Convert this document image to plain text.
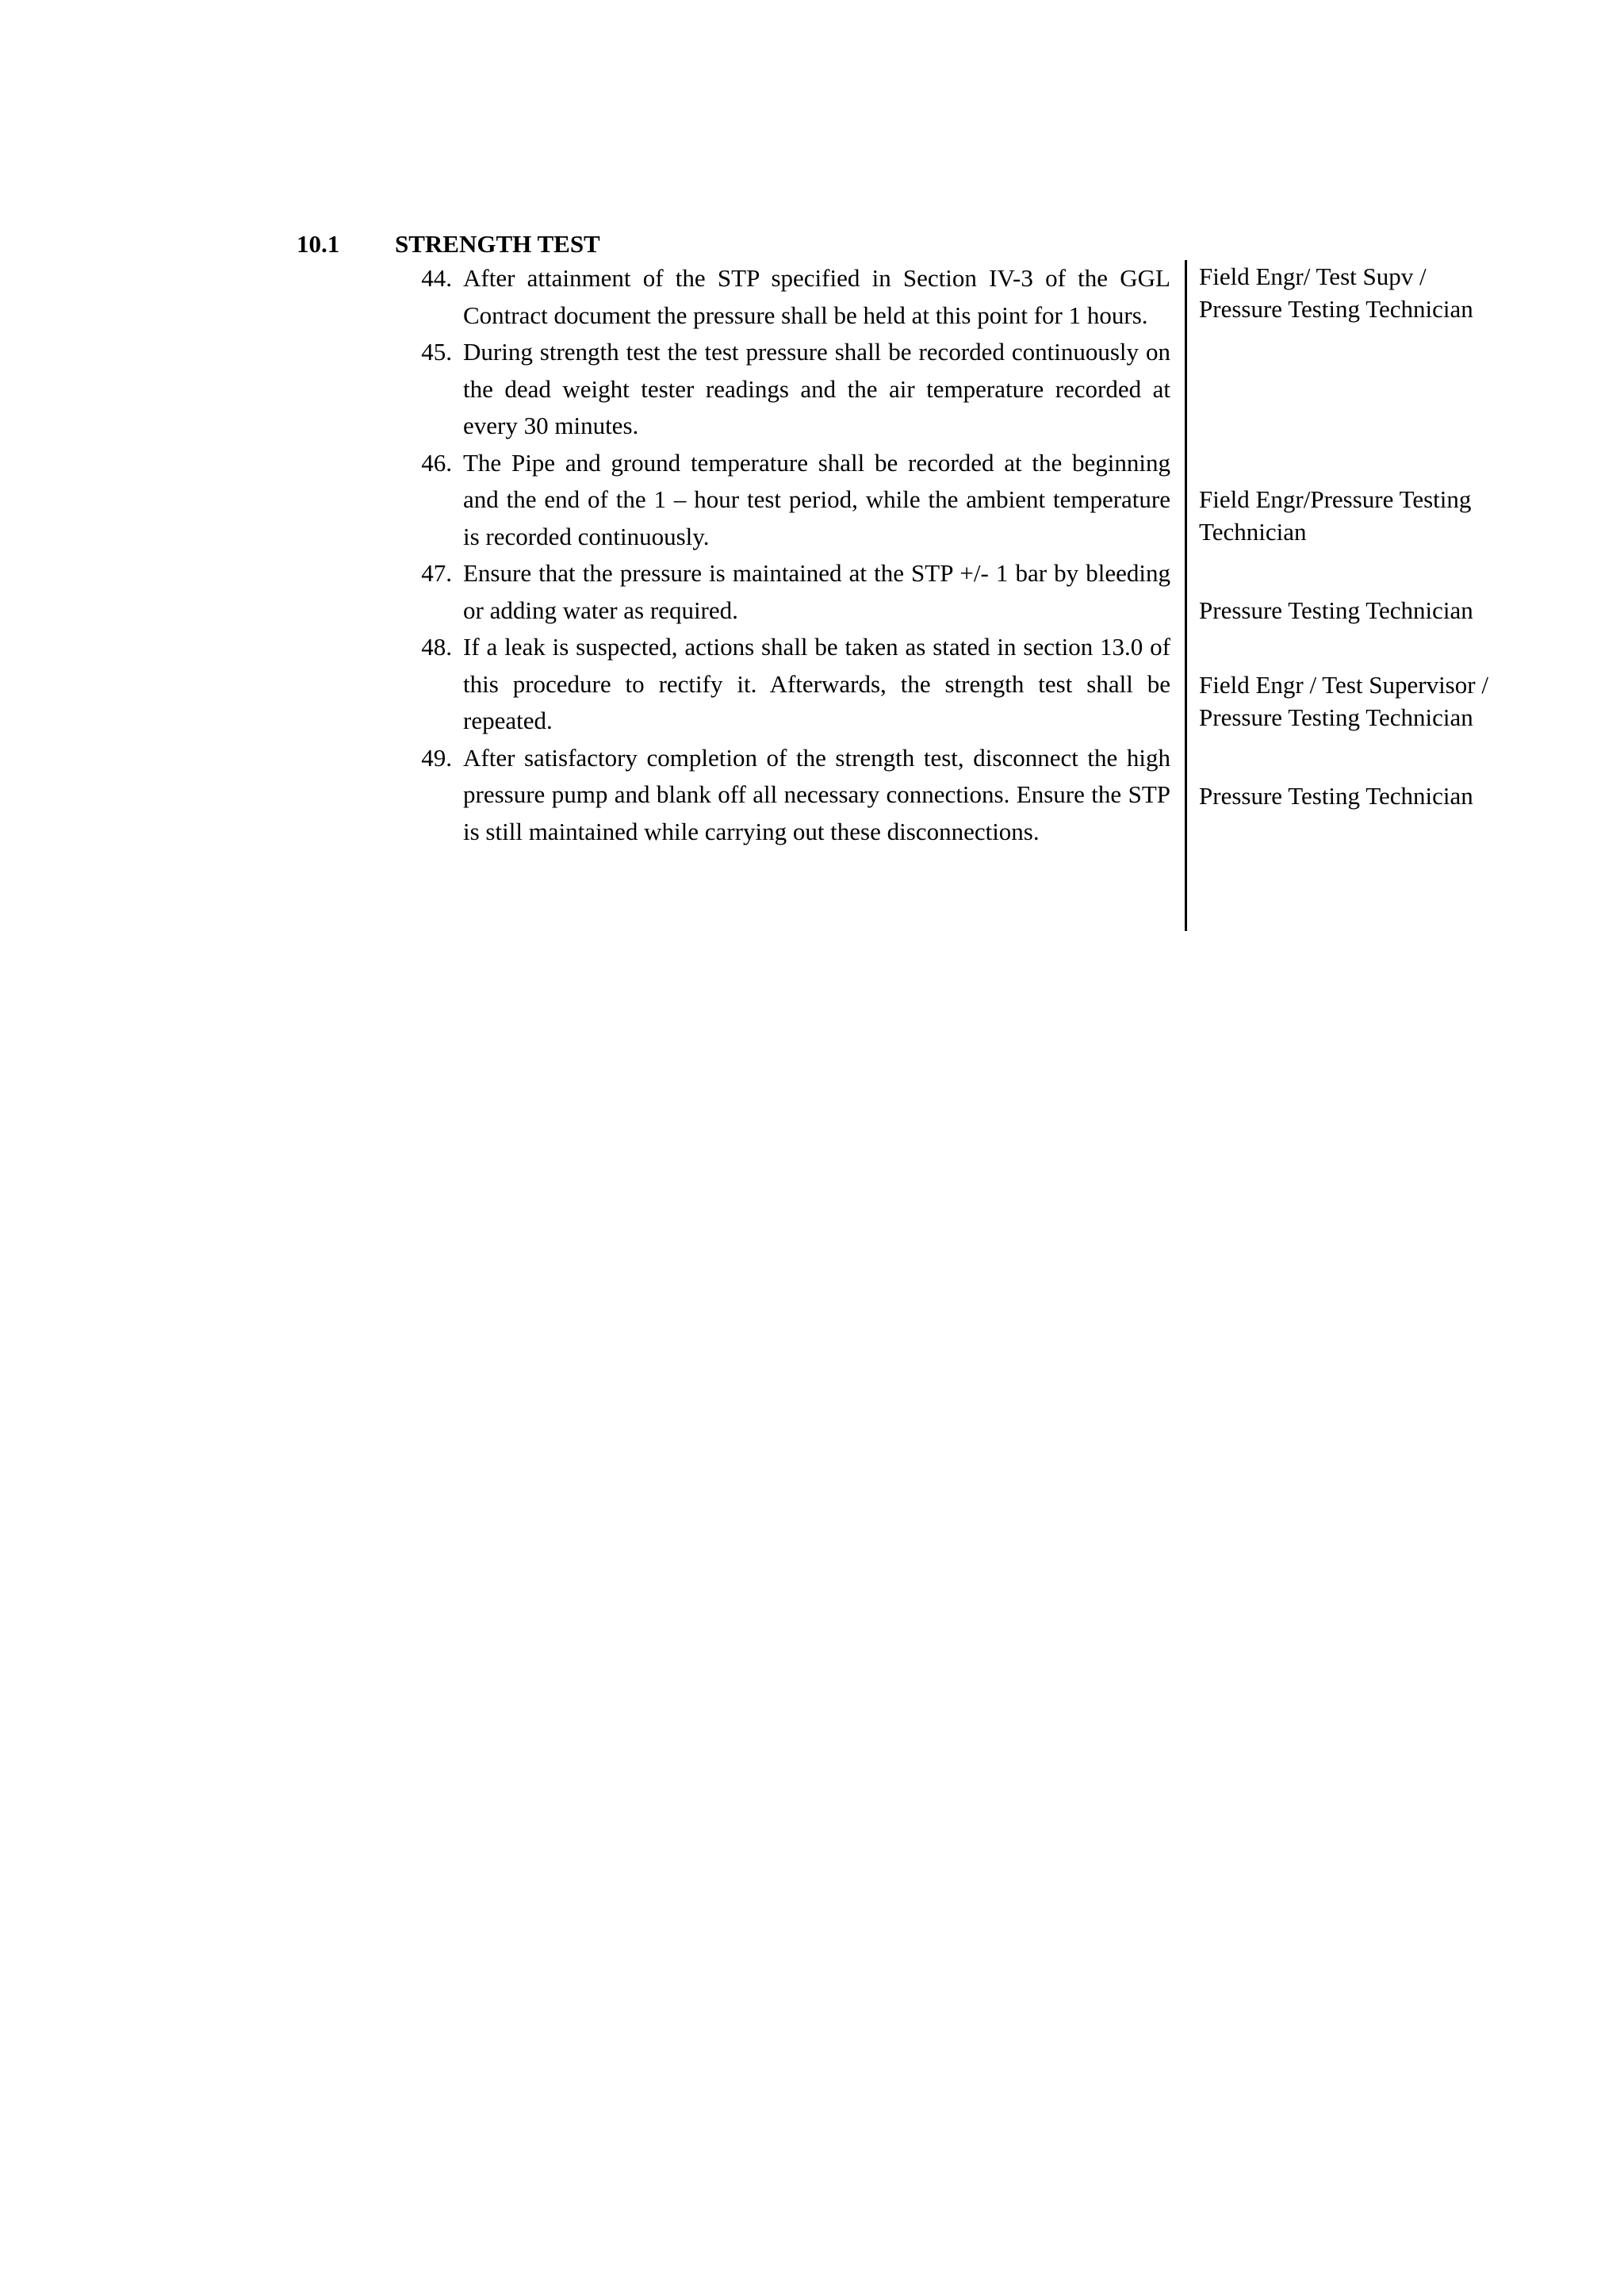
10.1 STRENGTH TEST
44. After attainment of the STP specified in Section IV-3 of the GGL Contract document the pressure shall be held at this point for 1 hours.
45. During strength test the test pressure shall be recorded continuously on the dead weight tester readings and the air temperature recorded at every 30 minutes.
46. The Pipe and ground temperature shall be recorded at the beginning and the end of the 1 – hour test period, while the ambient temperature is recorded continuously.
47. Ensure that the pressure is maintained at the STP +/- 1 bar by bleeding or adding water as required.
48. If a leak is suspected, actions shall be taken as stated in section 13.0 of this procedure to rectify it. Afterwards, the strength test shall be repeated.
49. After satisfactory completion of the strength test, disconnect the high pressure pump and blank off all necessary connections. Ensure the STP is still maintained while carrying out these disconnections.
Field Engr/ Test Supv / Pressure Testing Technician
Field Engr/Pressure Testing Technician
Pressure Testing Technician
Field Engr / Test Supervisor / Pressure Testing Technician
Pressure Testing Technician
